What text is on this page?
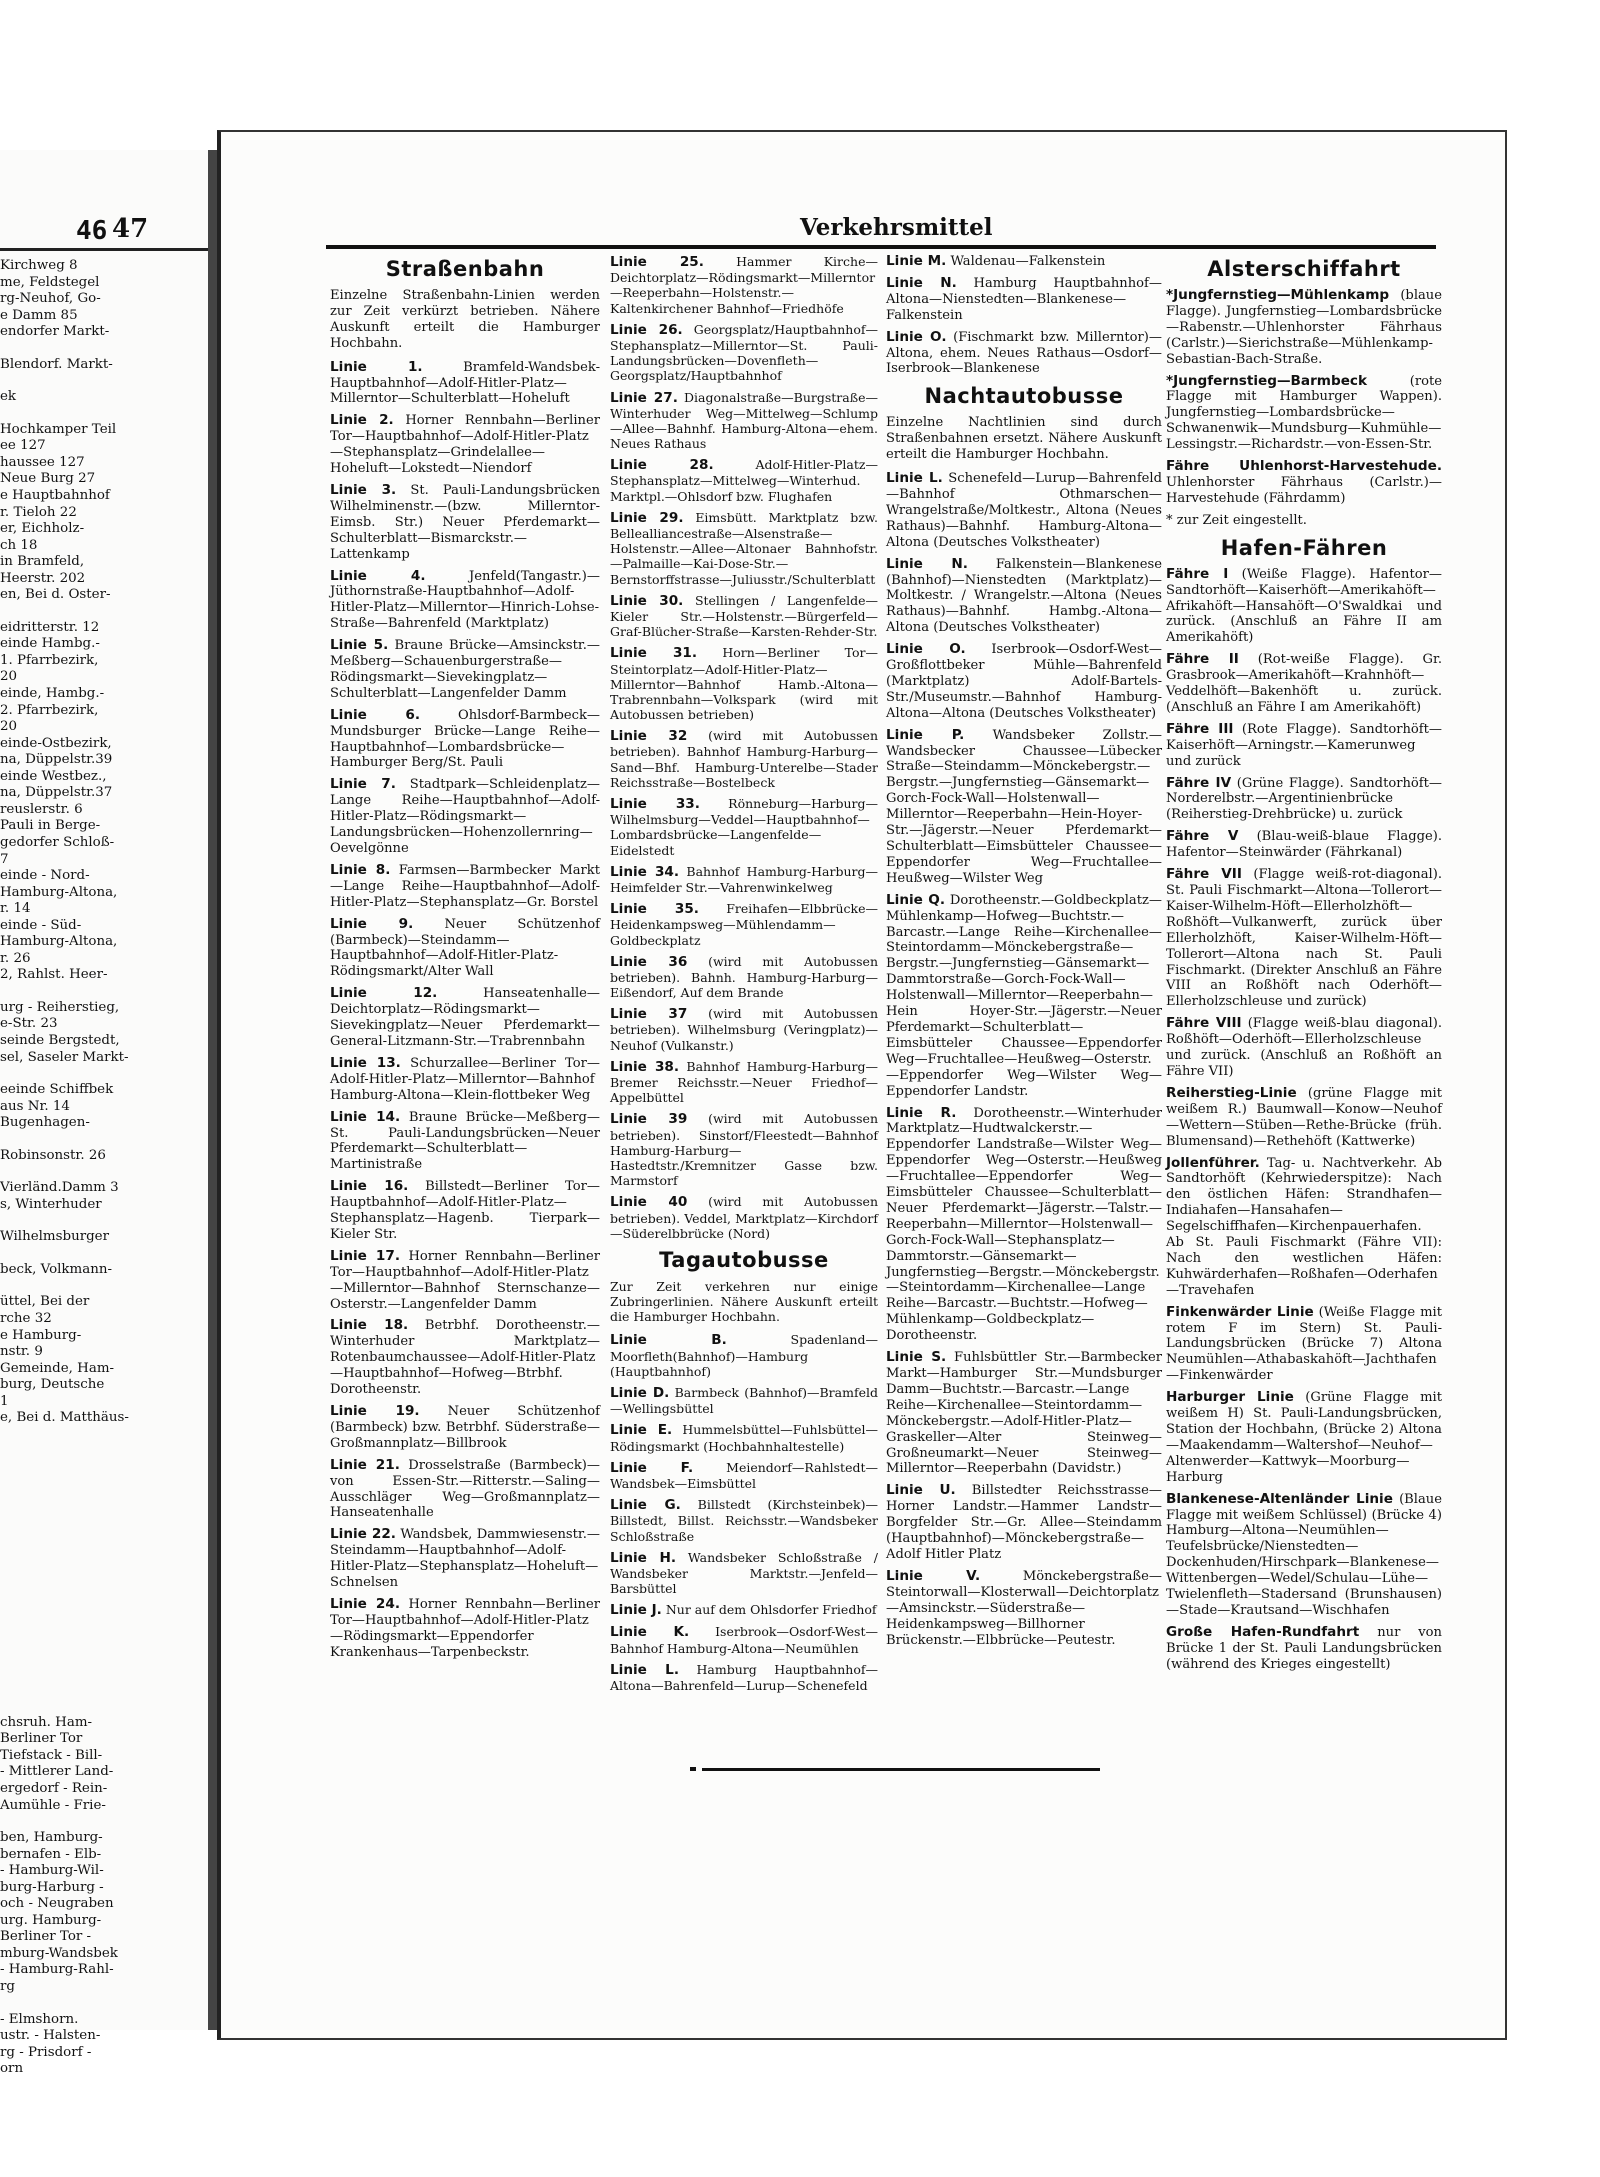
46
Kirchweg 8
me, Feldstegel
rg-Neuhof, Go-
e Damm 85
endorfer Markt-
Blendorf. Markt-
ek
Hochkamper Teil
ee 127
haussee 127
Neue Burg 27
e Hauptbahnhof
r. Tieloh 22
er, Eichholz-
ch 18
in Bramfeld,
Heerstr. 202
en, Bei d. Oster-
eidritterstr. 12
einde Hambg.-
1. Pfarrbezirk,
20
einde, Hambg.-
2. Pfarrbezirk,
20
einde-Ostbezirk,
na, Düppelstr.39
einde Westbez.,
na, Düppelstr.37
reuslerstr. 6
Pauli in Berge-
gedorfer Schloß-
7
einde - Nord-
Hamburg-Altona,
r. 14
einde - Süd-
Hamburg-Altona,
r. 26
2, Rahlst. Heer-
urg - Reiherstieg,
e-Str. 23
seinde Bergstedt,
sel, Saseler Markt-
eeinde Schiffbek
aus Nr. 14
Bugenhagen-
Robinsonstr. 26
Vierländ.Damm 3
s, Winterhuder
Wilhelmsburger
beck, Volkmann-
üttel, Bei der
rche 32
e Hamburg-
nstr. 9
Gemeinde, Ham-
burg, Deutsche
1
e, Bei d. Matthäus-
chsruh. Ham-
Berliner Tor
Tiefstack - Bill-
- Mittlerer Land-
ergedorf - Rein-
Aumühle - Frie-
ben, Hamburg-
bernafen - Elb-
- Hamburg-Wil-
burg-Harburg -
och - Neugraben
urg. Hamburg-
Berliner Tor -
mburg-Wandsbek
- Hamburg-Rahl-
rg
- Elmshorn.
ustr. - Halsten-
rg - Prisdorf -
orn
47	Verkehrsmittel
Straßenbahn
Einzelne Straßenbahn-Linien werden zur Zeit verkürzt betrieben. Nähere Auskunft erteilt die Hamburger Hochbahn.
Linie 1.	Bramfeld-Wandsbek-Hauptbahnhof—Adolf-Hitler-Platz—Millerntor—Schulterblatt—Hoheluft
Linie 2. Horner Rennbahn—Berliner Tor—Hauptbahnhof—Adolf-Hitler-Platz—Stephansplatz—Grindelallee—Hoheluft—Lokstedt—Niendorf
Linie 3. St. Pauli-Landungsbrücken Wilhelminenstr.—(bzw. Millerntor-Eimsb. Str.) Neuer Pferdemarkt—Schulterblatt—Bismarckstr.—Lattenkamp
Linie 4.	Jenfeld(Tangastr.)—Jüthornstraße-Hauptbahnhof—Adolf-Hitler-Platz—Millerntor—Hinrich-Lohse-Straße—Bahrenfeld (Marktplatz)
Linie 5. Braune Brücke—Amsinckstr.—Meßberg—Schauenburgerstraße—Rödingsmarkt—Sievekingplatz—Schulterblatt—Langenfelder Damm
Linie 6.	Ohlsdorf-Barmbeck—Mundsburger Brücke—Lange Reihe—Hauptbahnhof—Lombardsbrücke—Hamburger Berg/St. Pauli
Linie 7. Stadtpark—Schleidenplatz—Lange Reihe—Hauptbahnhof—Adolf-Hitler-Platz—Rödingsmarkt—Landungsbrücken—Hohenzollernring—Oevelgönne
Linie 8. Farmsen—Barmbecker Markt—Lange Reihe—Hauptbahnhof—Adolf-Hitler-Platz—Stephansplatz—Gr. Borstel
Linie 9. Neuer Schützenhof (Barmbeck)—Steindamm—Hauptbahnhof—Adolf-Hitler-Platz-Rödingsmarkt/Alter Wall
Linie 12.	Hanseatenhalle—Deichtorplatz—Rödingsmarkt—Sievekingplatz—Neuer Pferdemarkt—General-Litzmann-Str.—Trabrennbahn
Linie 13. Schurzallee—Berliner Tor—Adolf-Hitler-Platz—Millerntor—Bahnhof Hamburg-Altona—Klein-flottbeker Weg
Linie 14. Braune Brücke—Meßberg—St. Pauli-Landungsbrücken—Neuer Pferdemarkt—Schulterblatt—Martinistraße
Linie 16. Billstedt—Berliner Tor—Hauptbahnhof—Adolf-Hitler-Platz—Stephansplatz—Hagenb. Tierpark—Kieler Str.
Linie 17. Horner Rennbahn—Berliner Tor—Hauptbahnhof—Adolf-Hitler-Platz—Millerntor—Bahnhof Sternschanze—Osterstr.—Langenfelder Damm
Linie 18. Betrbhf. Dorotheenstr.—Winterhuder Marktplatz—Rotenbaumchaussee—Adolf-Hitler-Platz—Hauptbahnhof—Hofweg—Btrbhf. Dorotheenstr.
Linie 19. Neuer Schützenhof (Barmbeck) bzw. Betrbhf. Süderstraße—Großmannplatz—Billbrook
Linie 21. Drosselstraße (Barmbeck)—von Essen-Str.—Ritterstr.—Saling—Ausschläger Weg—Großmannplatz—Hanseatenhalle
Linie 22. Wandsbek, Dammwiesenstr.—Steindamm—Hauptbahnhof—Adolf-Hitler-Platz—Stephansplatz—Hoheluft—Schnelsen
Linie 24. Horner Rennbahn—Berliner Tor—Hauptbahnhof—Adolf-Hitler-Platz—Rödingsmarkt—Eppendorfer Krankenhaus—Tarpenbeckstr.
Linie 25.	Hammer Kirche—Deichtorplatz—Rödingsmarkt—Millerntor—Reeperbahn—Holstenstr.—Kaltenkirchener Bahnhof—Friedhöfe
Linie 26. Georgsplatz/Hauptbahnhof—Stephansplatz—Millerntor—St. Pauli-Landungsbrücken—Dovenfleth—Georgsplatz/Hauptbahnhof
Linie 27. Diagonalstraße—Burgstraße—Winterhuder Weg—Mittelweg—Schlump—Allee—Bahnhf. Hamburg-Altona—ehem. Neues Rathaus
Linie 28.	Adolf-Hitler-Platz—Stephansplatz—Mittelweg—Winterhud. Marktpl.—Ohlsdorf bzw. Flughafen
Linie 29. Eimsbütt. Marktplatz bzw. Bellealliancestraße—Alsenstraße—Holstenstr.—Allee—Altonaer Bahnhofstr.—Palmaille—Kai-Dose-Str.—Bernstorffstrasse—Juliusstr./Schulterblatt
Linie 30. Stellingen / Langenfelde—Kieler Str.—Holstenstr.—Bürgerfeld—Graf-Blücher-Straße—Karsten-Rehder-Str.
Linie 31. Horn—Berliner Tor—Steintorplatz—Adolf-Hitler-Platz—Millerntor—Bahnhof Hamb.-Altona—Trabrennbahn—Volkspark (wird mit Autobussen betrieben)
Linie 32 (wird mit Autobussen betrieben). Bahnhof Hamburg-Harburg—Sand—Bhf. Hamburg-Unterelbe—Stader Reichsstraße—Bostelbeck
Linie 33. Rönneburg—Harburg—Wilhelmsburg—Veddel—Hauptbahnhof—Lombardsbrücke—Langenfelde—Eidelstedt
Linie 34. Bahnhof Hamburg-Harburg—Heimfelder Str.—Vahrenwinkelweg
Linie 35. Freihafen—Elbbrücke—Heidenkampsweg—Mühlendamm—Goldbeckplatz
Linie 36 (wird mit Autobussen betrieben). Bahnh. Hamburg-Harburg—Eißendorf, Auf dem Brande
Linie 37 (wird mit Autobussen betrieben). Wilhelmsburg (Veringplatz)—Neuhof (Vulkanstr.)
Linie 38. Bahnhof Hamburg-Harburg—Bremer Reichsstr.—Neuer Friedhof—Appelbüttel
Linie 39 (wird mit Autobussen betrieben). Sinstorf/Fleestedt—Bahnhof Hamburg-Harburg—Hastedtstr./Kremnitzer Gasse bzw. Marmstorf
Linie 40 (wird mit Autobussen betrieben). Veddel, Marktplatz—Kirchdorf—Süderelbbrücke (Nord)
Tagautobusse
Zur Zeit verkehren nur einige Zubringerlinien. Nähere Auskunft erteilt die Hamburger Hochbahn.
Linie B.	Spadenland—Moorfleth(Bahnhof)—Hamburg (Hauptbahnhof)
Linie D. Barmbeck (Bahnhof)—Bramfeld—Wellingsbüttel
Linie E. Hummelsbüttel—Fuhlsbüttel—Rödingsmarkt (Hochbahnhaltestelle)
Linie F.	Meiendorf—Rahlstedt—Wandsbek—Eimsbüttel
Linie G. Billstedt (Kirchsteinbek)—Billstedt, Billst. Reichsstr.—Wandsbeker Schloßstraße
Linie H. Wandsbeker Schloßstraße / Wandsbeker Marktstr.—Jenfeld—Barsbüttel
Linie J. Nur auf dem Ohlsdorfer Friedhof
Linie K. Iserbrook—Osdorf-West—Bahnhof Hamburg-Altona—Neumühlen
Linie L. Hamburg Hauptbahnhof—Altona—Bahrenfeld—Lurup—Schenefeld
Linie M. Waldenau—Falkenstein
Linie N. Hamburg Hauptbahnhof—Altona—Nienstedten—Blankenese—Falkenstein
Linie O. (Fischmarkt bzw. Millerntor)—Altona, ehem. Neues Rathaus—Osdorf—Iserbrook—Blankenese
Nachtautobusse
Einzelne Nachtlinien sind durch Straßenbahnen ersetzt. Nähere Auskunft erteilt die Hamburger Hochbahn.
Linie L. Schenefeld—Lurup—Bahrenfeld—Bahnhof Othmarschen—Wrangelstraße/Moltkestr., Altona (Neues Rathaus)—Bahnhf. Hamburg-Altona—Altona (Deutsches Volkstheater)
Linie N. Falkenstein—Blankenese (Bahnhof)—Nienstedten (Marktplatz)—Moltkestr. / Wrangelstr.—Altona (Neues Rathaus)—Bahnhf. Hambg.-Altona—Altona (Deutsches Volkstheater)
Linie O. Iserbrook—Osdorf-West—Großflottbeker Mühle—Bahrenfeld (Marktplatz) Adolf-Bartels-Str./Museumstr.—Bahnhof Hamburg-Altona—Altona (Deutsches Volkstheater)
Linie P. Wandsbeker Zollstr.—Wandsbecker Chaussee—Lübecker Straße—Steindamm—Mönckebergstr.—Bergstr.—Jungfernstieg—Gänsemarkt—Gorch-Fock-Wall—Holstenwall—Millerntor—Reeperbahn—Hein-Hoyer-Str.—Jägerstr.—Neuer Pferdemarkt—Schulterblatt—Eimsbütteler Chaussee—Eppendorfer Weg—Fruchtallee—Heußweg—Wilster Weg
Linie Q. Dorotheenstr.—Goldbeckplatz—Mühlenkamp—Hofweg—Buchtstr.—Barcastr.—Lange Reihe—Kirchenallee—Steintordamm—Mönckebergstraße—Bergstr.—Jungfernstieg—Gänsemarkt—Dammtorstraße—Gorch-Fock-Wall—Holstenwall—Millerntor—Reeperbahn—Hein Hoyer-Str.—Jägerstr.—Neuer Pferdemarkt—Schulterblatt—Eimsbütteler Chaussee—Eppendorfer Weg—Fruchtallee—Heußweg—Osterstr.—Eppendorfer Weg—Wilster Weg—Eppendorfer Landstr.
Linie R. Dorotheenstr.—Winterhuder Marktplatz—Hudtwalckerstr.—Eppendorfer Landstraße—Wilster Weg—Eppendorfer Weg—Osterstr.—Heußweg—Fruchtallee—Eppendorfer Weg—Eimsbütteler Chaussee—Schulterblatt—Neuer Pferdemarkt—Jägerstr.—Talstr.—Reeperbahn—Millerntor—Holstenwall—Gorch-Fock-Wall—Stephansplatz—Dammtorstr.—Gänsemarkt—Jungfernstieg—Bergstr.—Mönckebergstr.—Steintordamm—Kirchenallee—Lange Reihe—Barcastr.—Buchtstr.—Hofweg—Mühlenkamp—Goldbeckplatz—Dorotheenstr.
Linie S. Fuhlsbüttler Str.—Barmbecker Markt—Hamburger Str.—Mundsburger Damm—Buchtstr.—Barcastr.—Lange Reihe—Kirchenallee—Steintordamm—Mönckebergstr.—Adolf-Hitler-Platz—Graskeller—Alter Steinweg—Großneumarkt—Neuer Steinweg—Millerntor—Reeperbahn (Davidstr.)
Linie U. Billstedter Reichsstrasse—Horner Landstr.—Hammer Landstr—Borgfelder Str.—Gr. Allee—Steindamm (Hauptbahnhof)—Mönckebergstraße—Adolf Hitler Platz
Linie V.	Mönckebergstraße—Steintorwall—Klosterwall—Deichtorplatz—Amsinckstr.—Süderstraße—Heidenkampsweg—Billhorner Brückenstr.—Elbbrücke—Peutestr.
Alsterschiffahrt
*Jungfernstieg—Mühlenkamp (blaue Flagge). Jungfernstieg—Lombardsbrücke—Rabenstr.—Uhlenhorster Fährhaus (Carlstr.)—Sierichstraße—Mühlenkamp-Sebastian-Bach-Straße.
*Jungfernstieg—Barmbeck	(rote Flagge mit Hamburger Wappen). Jungfernstieg—Lombardsbrücke—Schwanenwik—Mundsburg—Kuhmühle—Lessingstr.—Richardstr.—von-Essen-Str.
Fähre Uhlenhorst-Harvestehude. Uhlenhorster Fährhaus (Carlstr.)—Harvestehude (Fährdamm)
* zur Zeit eingestellt.
Hafen-Fähren
Fähre I (Weiße Flagge). Hafentor—Sandtorhöft—Kaiserhöft—Amerikahöft—Afrikahöft—Hansahöft—O'Swaldkai und zurück. (Anschluß an Fähre II am Amerikahöft)
Fähre II (Rot-weiße Flagge). Gr. Grasbrook—Amerikahöft—Krahnhöft—Veddelhöft—Bakenhöft u. zurück. (Anschluß an Fähre I am Amerikahöft)
Fähre III (Rote Flagge). Sandtorhöft—Kaiserhöft—Arningstr.—Kamerunweg und zurück
Fähre IV (Grüne Flagge). Sandtorhöft—Norderelbstr.—Argentinienbrücke (Reiherstieg-Drehbrücke) u. zurück
Fähre V (Blau-weiß-blaue Flagge). Hafentor—Steinwärder (Fährkanal)
Fähre VII (Flagge weiß-rot-diagonal). St. Pauli Fischmarkt—Altona—Tollerort—Kaiser-Wilhelm-Höft—Ellerholzhöft—Roßhöft—Vulkanwerft, zurück über Ellerholzhöft, Kaiser-Wilhelm-Höft—Tollerort—Altona nach St. Pauli Fischmarkt. (Direkter Anschluß an Fähre VIII an Roßhöft nach Oderhöft—Ellerholzschleuse und zurück)
Fähre VIII (Flagge weiß-blau diagonal). Roßhöft—Oderhöft—Ellerholzschleuse und zurück. (Anschluß an Roßhöft an Fähre VII)
Reiherstieg-Linie (grüne Flagge mit weißem R.) Baumwall—Konow—Neuhof—Wettern—Stüben—Rethe-Brücke (früh. Blumensand)—Rethehöft (Kattwerke)
Jollenführer. Tag- u. Nachtverkehr. Ab Sandtorhöft (Kehrwiederspitze): Nach den östlichen Häfen: Strandhafen—Indiahafen—Hansahafen—Segelschiffhafen—Kirchenpauerhafen. Ab St. Pauli Fischmarkt (Fähre VII): Nach den westlichen Häfen: Kuhwärderhafen—Roßhafen—Oderhafen—Travehafen
Finkenwärder Linie (Weiße Flagge mit rotem F im Stern) St. Pauli-Landungsbrücken (Brücke 7) Altona Neumühlen—Athabaskahöft—Jachthafen—Finkenwärder
Harburger Linie (Grüne Flagge mit weißem H) St. Pauli-Landungsbrücken, Station der Hochbahn, (Brücke 2) Altona—Maakendamm—Waltershof—Neuhof—Altenwerder—Kattwyk—Moorburg—Harburg
Blankenese-Altenländer Linie (Blaue Flagge mit weißem Schlüssel) (Brücke 4) Hamburg—Altona—Neumühlen—Teufelsbrücke/Nienstedten—Dockenhuden/Hirschpark—Blankenese—Wittenbergen—Wedel/Schulau—Lühe—Twielenfleth—Stadersand (Brunshausen)—Stade—Krautsand—Wischhafen
Große Hafen-Rundfahrt nur von Brücke 1 der St. Pauli Landungsbrücken (während des Krieges eingestellt)
